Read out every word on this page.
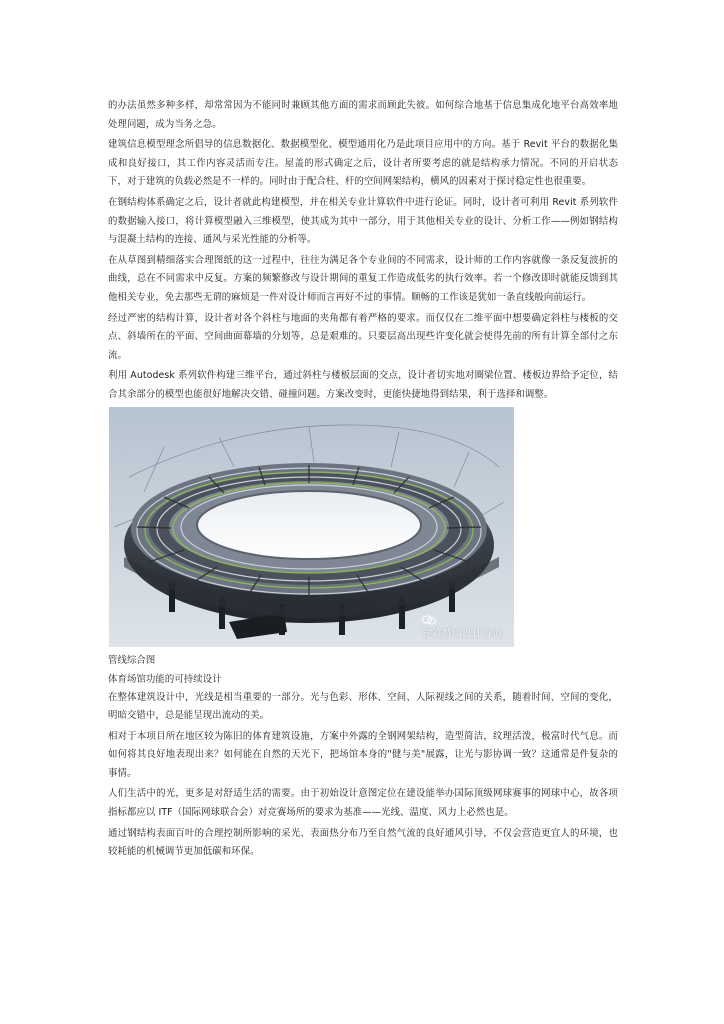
的办法虽然多种多样，却常常因为不能同时兼顾其他方面的需求而顾此失彼。如何综合地基于信息集成化地平台高效率地处理问题，成为当务之急。

建筑信息模型理念所倡导的信息数据化、数据模型化、模型通用化乃是此项目应用中的方向。基于 Revit 平台的数据化集成和良好接口，其工作内容灵活而专注。屋盖的形式确定之后，设计者所要考虑的就是结构承力情况。不同的开启状态下，对于建筑的负载必然是不一样的。同时由于配合柱、杆的空间网架结构，横风的因素对于探讨稳定性也很重要。

在钢结构体系确定之后，设计者就此构建模型，并在相关专业计算软件中进行论证。同时，设计者可利用 Revit 系列软件的数据输入接口，将计算模型融入三维模型，使其成为其中一部分，用于其他相关专业的设计、分析工作——例如钢结构与混凝土结构的连接、通风与采光性能的分析等。

在从草图到精细落实合理图纸的这一过程中，往往为满足各个专业间的不同需求，设计师的工作内容就像一条反复波折的曲线，总在不同需求中反复。方案的频繁修改与设计期间的重复工作造成低劣的执行效率。若一个修改即时就能反馈到其他相关专业，免去那些无谓的麻烦是一件对设计师而言再好不过的事情。顺畅的工作该是犹如一条直线般向前运行。

经过严密的结构计算，设计者对各个斜柱与地面的夹角都有着严格的要求。而仅仅在二维平面中想要确定斜柱与楼板的交点、斜墙所在的平面、空间曲面幕墙的分划等，总是艰难的。只要层高出现些许变化就会使得先前的所有计算全部付之东流。

利用 Autodesk 系列软件构建三维平台，通过斜柱与楼板层面的交点，设计者切实地对圈梁位置、楼板边界给予定位，结合其余部分的模型也能很好地解决交错、碰撞问题。方案改变时，更能快捷地得到结果，利于选择和调整。

建筑幕墙设计咨询

管线综合图

体育场馆功能的可持续设计

在整体建筑设计中，光线是相当重要的一部分。光与色彩、形体、空间、人际视线之间的关系，随着时间、空间的变化，明暗交错中，总是能呈现出流动的美。

相对于本项目所在地区较为陈旧的体育建筑设施，方案中外露的全钢网架结构，造型简洁，纹理活泼，极富时代气息。而如何将其良好地表现出来？如何能在自然的天光下，把场馆本身的"健与美"展露，让光与影协调一致？这通常是件复杂的事情。

人们生活中的光，更多是对舒适生活的需要。由于初始设计意图定位在建设能举办国际顶级网球赛事的网球中心，故各项指标都应以 ITF（国际网球联合会）对竞赛场所的要求为基准——光线、温度、风力上必然也是。

通过钢结构表面百叶的合理控制所影响的采光、表面热分布乃至自然气流的良好通风引导，不仅会营造更宜人的环境，也较耗能的机械调节更加低碳和环保。
